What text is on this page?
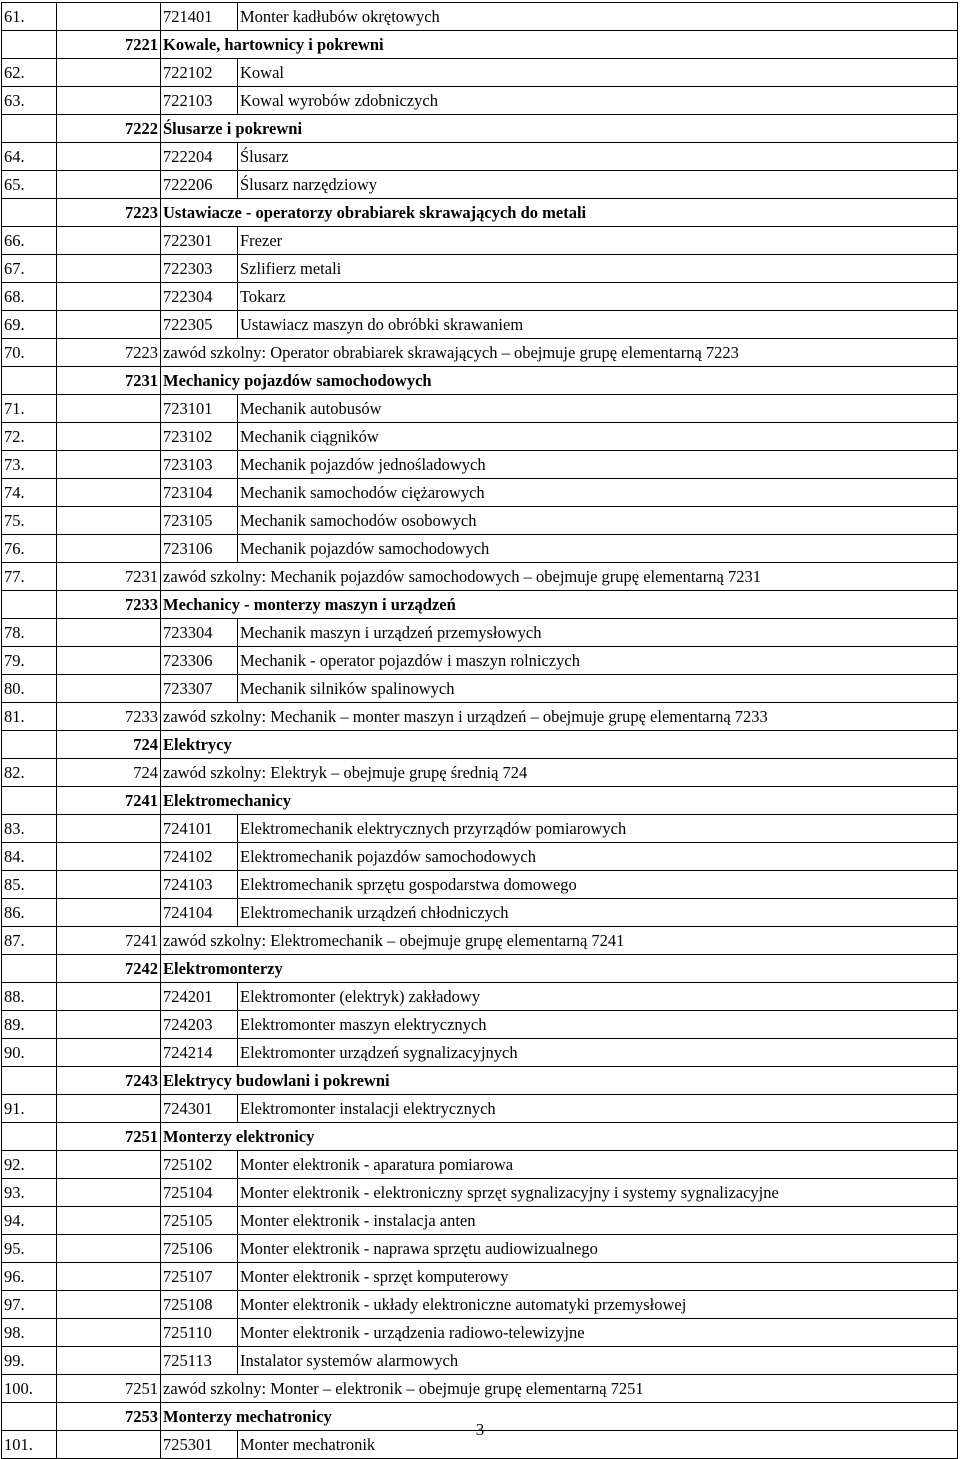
61.		721401	Monter kadłubów okrętowych
	7221	Kowale, hartownicy i pokrewni	
62.		722102	Kowal
63.		722103	Kowal wyrobów zdobniczych
	7222	Ślusarze i pokrewni	
64.		722204	Ślusarz
65.		722206	Ślusarz narzędziowy
	7223	Ustawiacze - operatorzy obrabiarek skrawających do metali	
66.		722301	Frezer
67.		722303	Szlifierz metali
68.		722304	Tokarz
69.		722305	Ustawiacz maszyn do obróbki skrawaniem
70.	7223	zawód szkolny: Operator obrabiarek skrawających – obejmuje grupę elementarną 7223	
	7231	Mechanicy pojazdów samochodowych	
71.		723101	Mechanik autobusów
72.		723102	Mechanik ciągników
73.		723103	Mechanik pojazdów jednośladowych
74.		723104	Mechanik samochodów ciężarowych
75.		723105	Mechanik samochodów osobowych
76.		723106	Mechanik pojazdów samochodowych
77.	7231	zawód szkolny: Mechanik pojazdów samochodowych – obejmuje grupę elementarną 7231	
	7233	Mechanicy - monterzy maszyn i urządzeń	
78.		723304	Mechanik maszyn i urządzeń przemysłowych
79.		723306	Mechanik - operator pojazdów i maszyn rolniczych
80.		723307	Mechanik silników spalinowych
81.	7233	zawód szkolny: Mechanik – monter maszyn i urządzeń – obejmuje grupę elementarną 7233	
	724	Elektrycy	
82.	724	zawód szkolny: Elektryk – obejmuje grupę średnią 724	
	7241	Elektromechanicy	
83.		724101	Elektromechanik elektrycznych przyrządów pomiarowych
84.		724102	Elektromechanik pojazdów samochodowych
85.		724103	Elektromechanik sprzętu gospodarstwa domowego
86.		724104	Elektromechanik urządzeń chłodniczych
87.	7241	zawód szkolny: Elektromechanik – obejmuje grupę elementarną 7241	
	7242	Elektromonterzy	
88.		724201	Elektromonter (elektryk) zakładowy
89.		724203	Elektromonter maszyn elektrycznych
90.		724214	Elektromonter urządzeń sygnalizacyjnych
	7243	Elektrycy budowlani i pokrewni	
91.		724301	Elektromonter instalacji elektrycznych
	7251	Monterzy elektronicy	
92.		725102	Monter elektronik - aparatura pomiarowa
93.		725104	Monter elektronik - elektroniczny sprzęt sygnalizacyjny i systemy sygnalizacyjne
94.		725105	Monter elektronik - instalacja anten
95.		725106	Monter elektronik - naprawa sprzętu audiowizualnego
96.		725107	Monter elektronik - sprzęt komputerowy
97.		725108	Monter elektronik - układy elektroniczne automatyki przemysłowej
98.		725110	Monter elektronik - urządzenia radiowo-telewizyjne
99.		725113	Instalator systemów alarmowych
100.	7251	zawód szkolny: Monter – elektronik – obejmuje grupę elementarną 7251	
	7253	Monterzy mechatronicy	
101.		725301	Monter mechatronik
3
